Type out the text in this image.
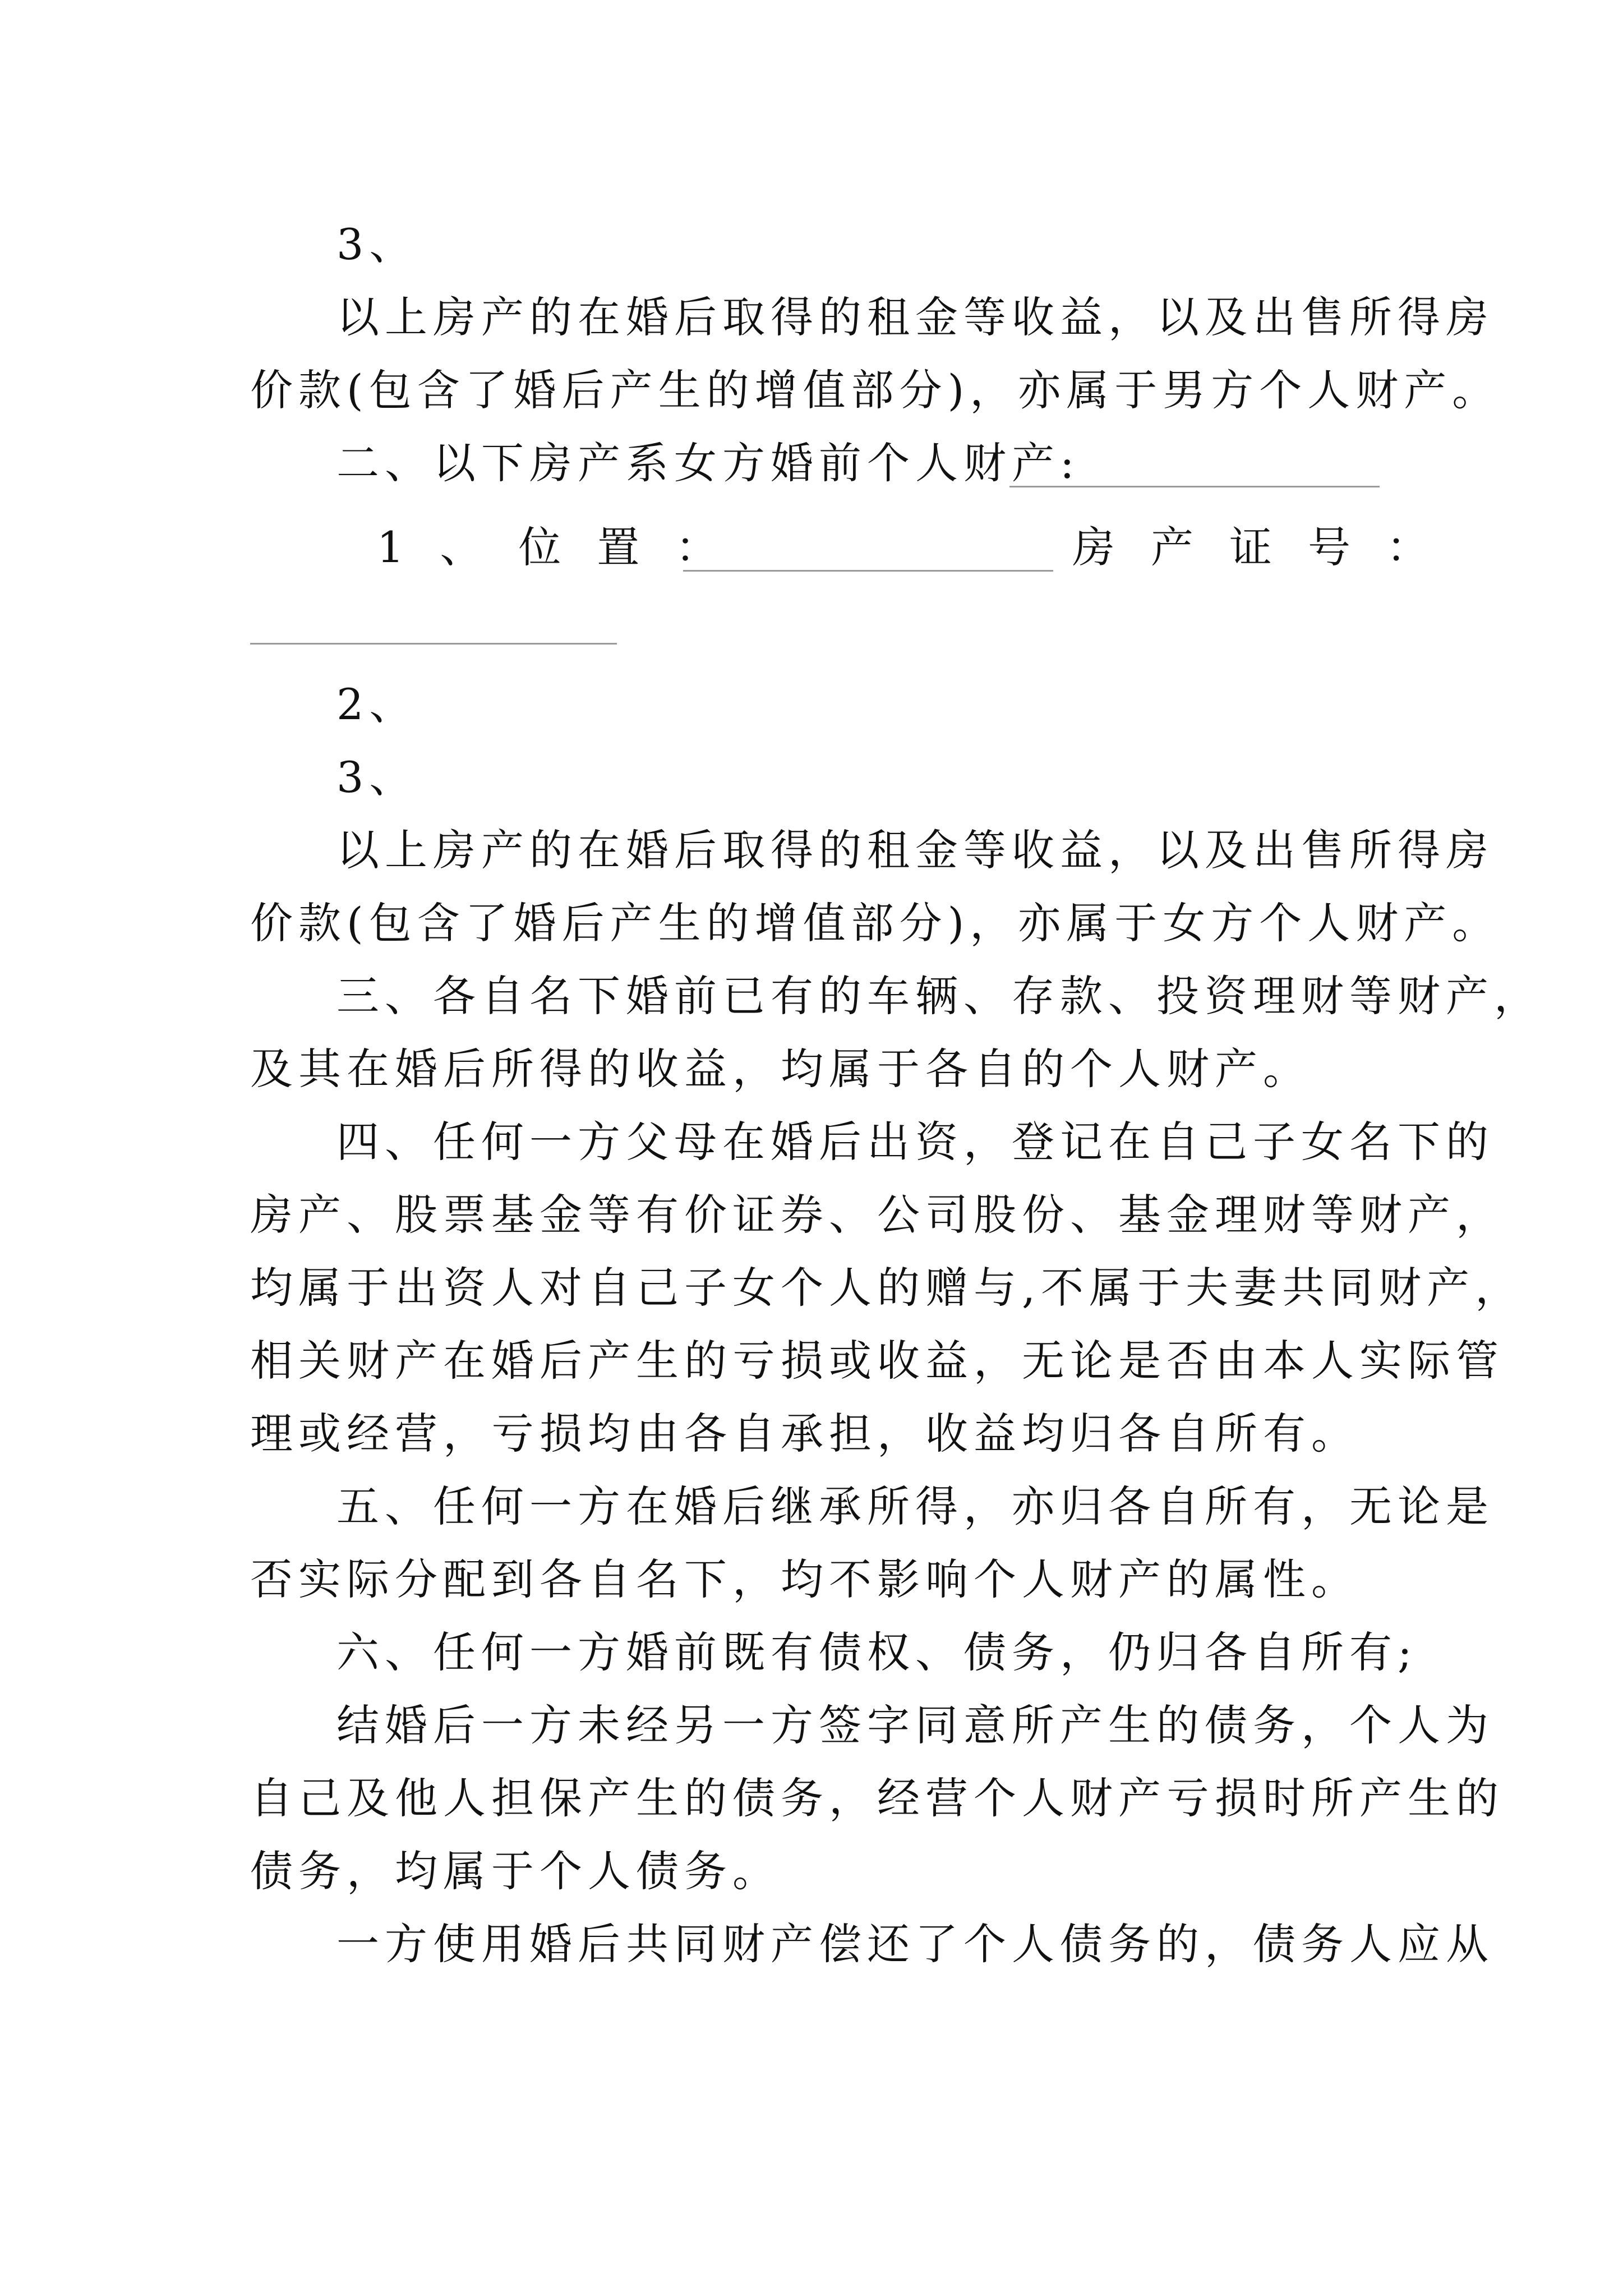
3、
以上房产的在婚后取得的租金等收益，以及出售所得房
价款(包含了婚后产生的增值部分)，亦属于男方个人财产。
二、以下房产系女方婚前个人财产:
1、位置：	房产证号：
2、
3、
以上房产的在婚后取得的租金等收益，以及出售所得房
价款(包含了婚后产生的增值部分)，亦属于女方个人财产。
三、各自名下婚前已有的车辆、存款、投资理财等财产，
及其在婚后所得的收益，均属于各自的个人财产。
四、任何一方父母在婚后出资，登记在自己子女名下的
房产、股票基金等有价证券、公司股份、基金理财等财产，
均属于出资人对自己子女个人的赠与,不属于夫妻共同财产，
相关财产在婚后产生的亏损或收益，无论是否由本人实际管
理或经营，亏损均由各自承担，收益均归各自所有。
五、任何一方在婚后继承所得，亦归各自所有，无论是
否实际分配到各自名下，均不影响个人财产的属性。
六、任何一方婚前既有债权、债务，仍归各自所有;
结婚后一方未经另一方签字同意所产生的债务，个人为
自己及他人担保产生的债务，经营个人财产亏损时所产生的
债务，均属于个人债务。
一方使用婚后共同财产偿还了个人债务的，债务人应从
